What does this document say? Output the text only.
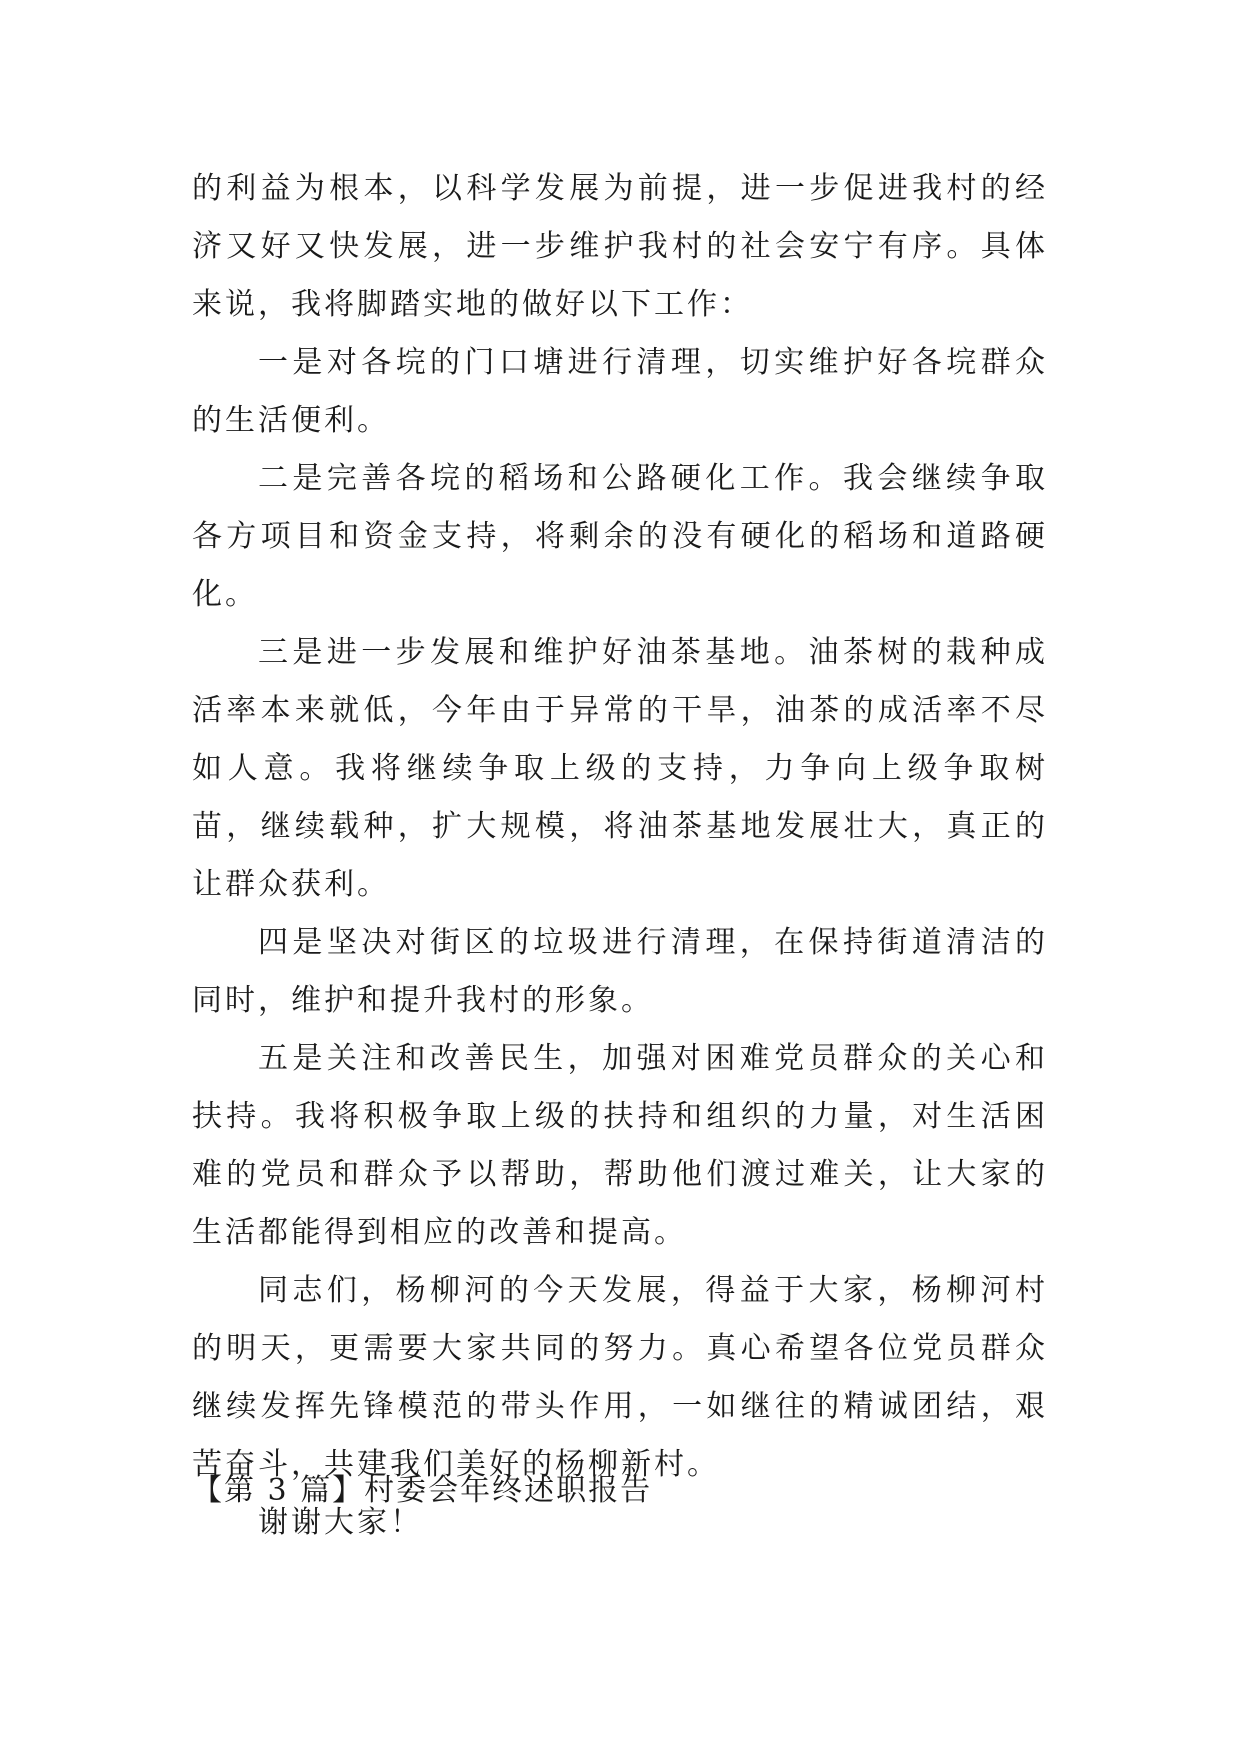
的利益为根本，以科学发展为前提，进一步促进我村的经济又好又快发展，进一步维护我村的社会安宁有序。具体来说，我将脚踏实地的做好以下工作：

一是对各垸的门口塘进行清理，切实维护好各垸群众的生活便利。

二是完善各垸的稻场和公路硬化工作。我会继续争取各方项目和资金支持，将剩余的没有硬化的稻场和道路硬化。

三是进一步发展和维护好油茶基地。油茶树的栽种成活率本来就低，今年由于异常的干旱，油茶的成活率不尽如人意。我将继续争取上级的支持，力争向上级争取树苗，继续载种，扩大规模，将油茶基地发展壮大，真正的让群众获利。

四是坚决对街区的垃圾进行清理，在保持街道清洁的同时，维护和提升我村的形象。

五是关注和改善民生，加强对困难党员群众的关心和扶持。我将积极争取上级的扶持和组织的力量，对生活困难的党员和群众予以帮助，帮助他们渡过难关，让大家的生活都能得到相应的改善和提高。

同志们，杨柳河的今天发展，得益于大家，杨柳河村的明天，更需要大家共同的努力。真心希望各位党员群众继续发挥先锋模范的带头作用，一如继往的精诚团结，艰苦奋斗，共建我们美好的杨柳新村。

谢谢大家！

【第 3 篇】村委会年终述职报告
